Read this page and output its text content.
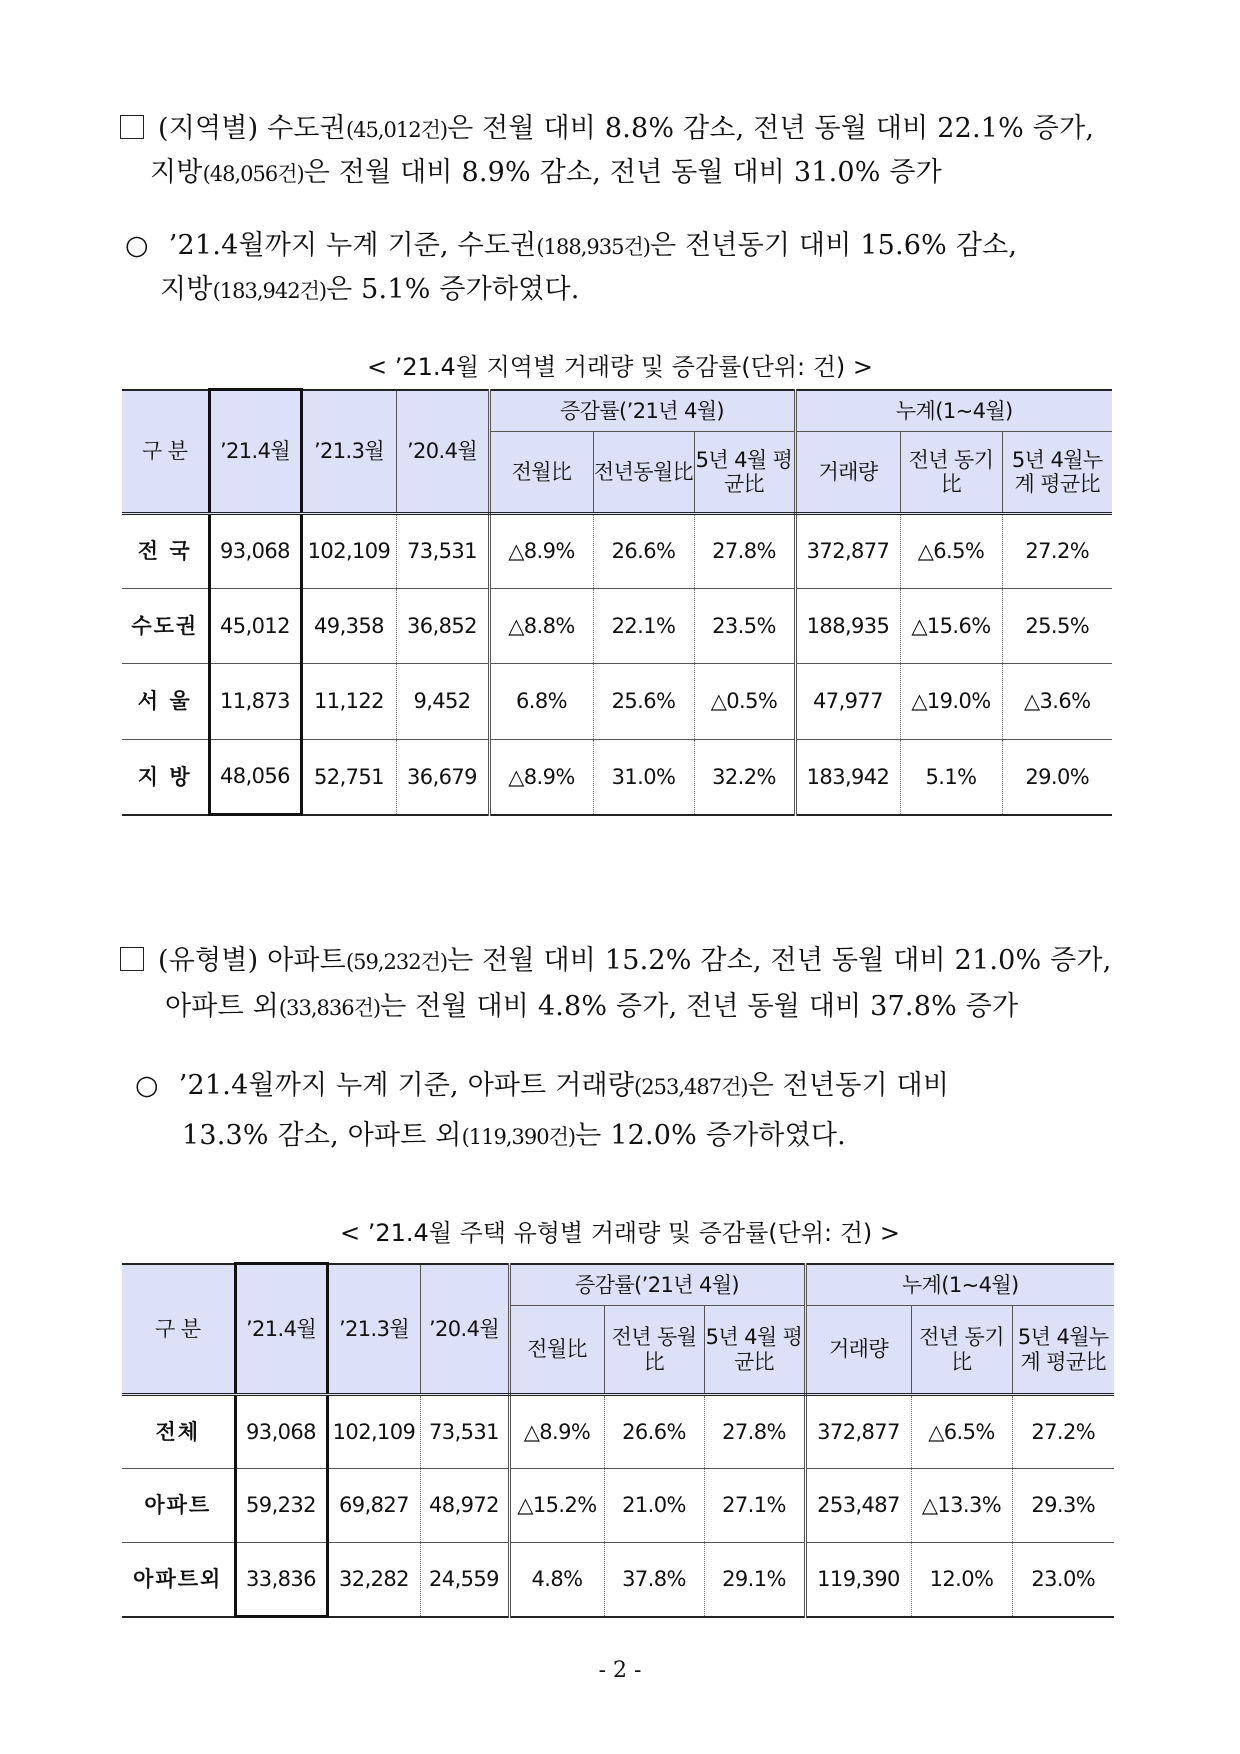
(지역별) 수도권(45,012건)은 전월 대비 8.8% 감소, 전년 동월 대비 22.1% 증가,
지방(48,056건)은 전월 대비 8.9% 감소, 전년 동월 대비 31.0% 증가
○ ’21.4월까지 누계 기준, 수도권(188,935건)은 전년동기 대비 15.6% 감소,
지방(183,942건)은 5.1% 증가하였다.
< ’21.4월 지역별 거래량 및 증감률(단위: 건) >
구 분	’21.4월	’21.3월	’20.4월	증감률(’21년 4월)			누계(1∼4월)		
				전월比	전년동월比	5년 4월 평균比	거래량	전년 동기比	5년 4월누계 평균比
전 국	93,068	102,109	73,531	△8.9%	26.6%	27.8%	372,877	△6.5%	27.2%
수도권	45,012	49,358	36,852	△8.8%	22.1%	23.5%	188,935	△15.6%	25.5%
서 울	11,873	11,122	9,452	6.8%	25.6%	△0.5%	47,977	△19.0%	△3.6%
지 방	48,056	52,751	36,679	△8.9%	31.0%	32.2%	183,942	5.1%	29.0%
(유형별) 아파트(59,232건)는 전월 대비 15.2% 감소, 전년 동월 대비 21.0% 증가,
아파트 외(33,836건)는 전월 대비 4.8% 증가, 전년 동월 대비 37.8% 증가
○ ’21.4월까지 누계 기준, 아파트 거래량(253,487건)은 전년동기 대비
13.3% 감소, 아파트 외(119,390건)는 12.0% 증가하였다.
< ’21.4월 주택 유형별 거래량 및 증감률(단위: 건) >
구 분	’21.4월	’21.3월	’20.4월	증감률(’21년 4월)			누계(1∼4월)		
				전월比	전년 동월比	5년 4월 평균比	거래량	전년 동기比	5년 4월누계 평균比
전체	93,068	102,109	73,531	△8.9%	26.6%	27.8%	372,877	△6.5%	27.2%
아파트	59,232	69,827	48,972	△15.2%	21.0%	27.1%	253,487	△13.3%	29.3%
아파트외	33,836	32,282	24,559	4.8%	37.8%	29.1%	119,390	12.0%	23.0%
- 2 -
